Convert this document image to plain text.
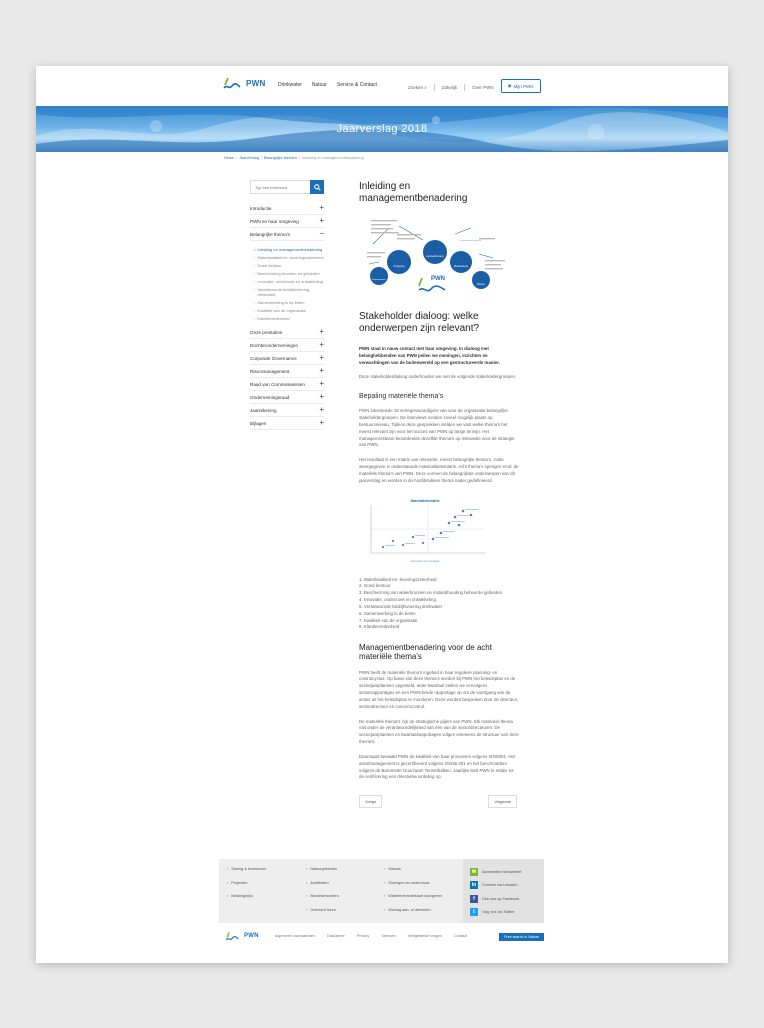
PWN Drinkwater Natuur Service & Contact	Zoeken ⌕	Zakelijk	Over PWN	◉ Mijn PWN
Jaarverslag 2018
Home / Jaarverslag / Belangrijke thema's / Inleiding en managementbenadering
Typ een trefwoord
Introductie	+
PWN en haar omgeving	+
Belangrijke thema's	−
› Inleiding en managementbenadering
› Waterkwaliteit en -leveringszekerheid
› Goed bestuur
› Bescherming bronnen en gebieden
› Innovatie, onderzoek en ontwikkeling
› Verantwoorde bedrijfsvoering drinkwater
› Samenwerking in de keten
› Kwaliteit van de organisatie
› Klanttevredenheid
Onze prestaties	+
Dochterondernemingen	+
Corporate Governance	+
Risicomanagement	+
Raad van Commissarissen +
Ondernemingsraad	+
Jaarrekening	+
Bijlagen	+
Inleiding en managementbenadering
Omgeving
Aandeelhouders
Medewerkers
Klanten
Ketenpartners
Overheden en toezicht
PWN
Stakeholder dialoog: welke onderwerpen zijn relevant?
PWN staat in nauw contact met haar omgeving. In dialoog met belanghebbenden van PWN peilen we meningen, inzichten en verwachtingen van de buitenwereld op een gestructureerde manier.

Deze stakeholderdialoog onderhouden we met de volgende stakeholdergroepen.

Bepaling materiële thema's

PWN interviewde 16 vertegenwoordigers van voor de organisatie belangrijke stakeholdergroepen. De interviews vonden zoveel mogelijk plaats op bestuursniveau. Tijdens deze gesprekken stelden we vast welke thema's het meest relevant zijn voor het succes van PWN op lange termijn. Het managementteam beoordeelde dezelfde thema's op relevantie voor de strategie van PWN.

Het resultaat is een matrix van relevante, meest belangrijke thema's, zoals weergegeven in onderstaande materialiteitsmatrix. Acht thema's springen eruit: de materiële thema's van PWN. Deze vormen de belangrijkste onderwerpen van dit jaarverslag en worden in de hoofdstukken thema nader gedefinieerd.

Materialiteitsmatrix
Relevantie voor strategie
1. Waterkwaliteit en -leveringszekerheid
2. Goed bestuur
3. Bescherming van waterbronnen en instandhouding beheerde gebieden
4. Innovatie, onderzoek en ontwikkeling
5. Verantwoorde bedrijfsvoering drinkwater
6. Samenwerking in de keten
7. Kwaliteit van de organisatie
8. Klanttevredenheid
Managementbenadering voor de acht materiële thema's

PWN heeft de materiële thema's ingebed in haar reguliere planning- en controlcyclus. Op basis van deze thema's worden bij PWN het beleidsplan en de sectorjaarplannen opgesteld. Ieder kwartaal stellen we vervolgens sectorrapportages en een PWN-brede rapportage op om de voortgang van de acties uit het beleidsplan te monitoren. Deze worden besproken door de directeur, sectordirecteur en concerncontrol.

De materiële thema's zijn de strategische pijlers van PWN. Elk materieel thema valt onder de verantwoordelijkheid van één van de sectordirecteuren. De sectorjaarplannen en kwartaalrapportages volgen eveneens de structuur van deze thema's.

Daarnaast bewaakt PWN de kwaliteit van haar processen volgens ISO9001. Het assetmanagement is gecertificeerd volgens ISO55.001 en het benchmarken volgens de Barometer Duurzaam Tennetbalken. Jaarlijks stelt PWN in relatie tot de certificering een directiebeoordeling op.

Vorige	Volgende
› Storing & leverancier
› Projecten
› Betalingstips
› Natuurgebieden
› Activiteiten
› Bezoekerscentra
› Overkant lezen
› Nieuws
› Storingen en onderhoud
› Waterleverantiekaart doorgeven
› Woning aan- of afmelden
✉	Aanmelden nieuwsbrief
in	Connect via LinkedIn
f	Like ons op Facebook
t	Volg ons via Twitter
PWN	Algemene voorwaarden	Disclaimer	Privacy	Tarieven	Veelgestelde vragen	Contact	Free search in Nature
